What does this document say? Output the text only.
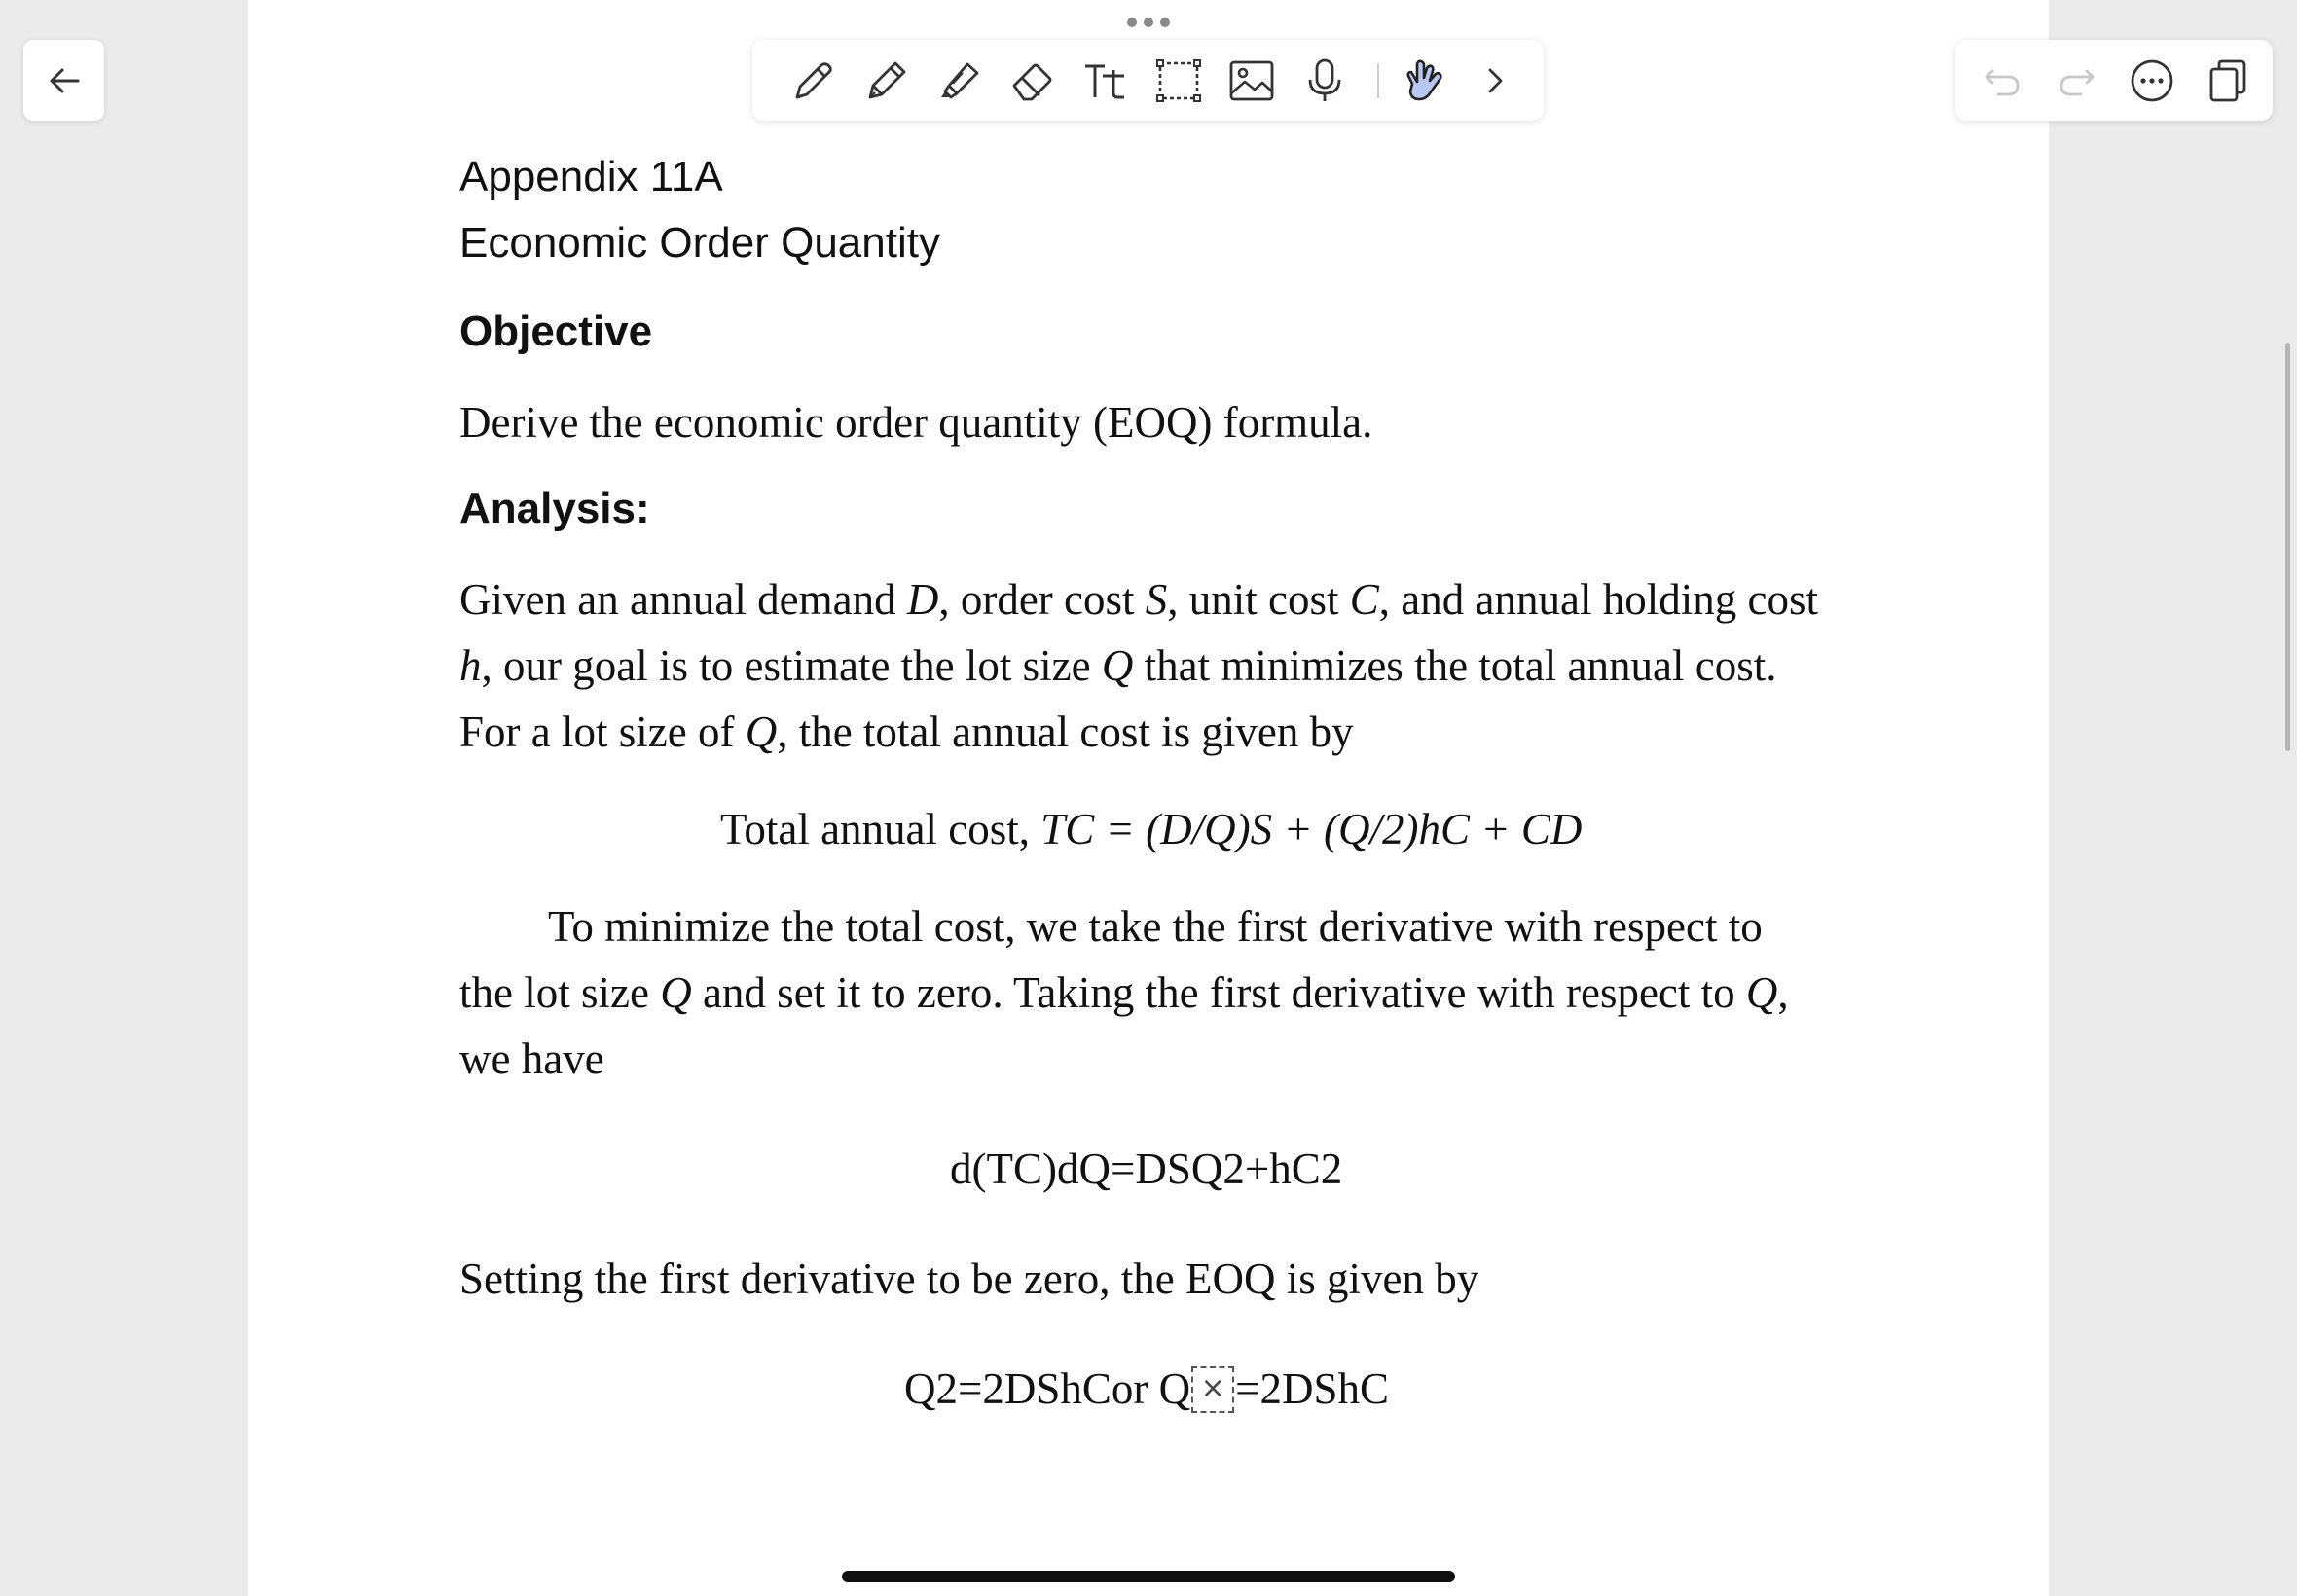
Appendix 11A
Economic Order Quantity
Objective
Derive the economic order quantity (EOQ) formula.
Analysis:
Given an annual demand D, order cost S, unit cost C, and annual holding cost
h, our goal is to estimate the lot size Q that minimizes the total annual cost.
For a lot size of Q, the total annual cost is given by
Total annual cost, TC = (D/Q)S + (Q/2)hC + CD
To minimize the total cost, we take the first derivative with respect to
the lot size Q and set it to zero. Taking the first derivative with respect to Q,
we have
d(TC)dQ=DSQ2+hC2
Setting the first derivative to be zero, the EOQ is given by
Q2=2DShCor Q × =2DShC
